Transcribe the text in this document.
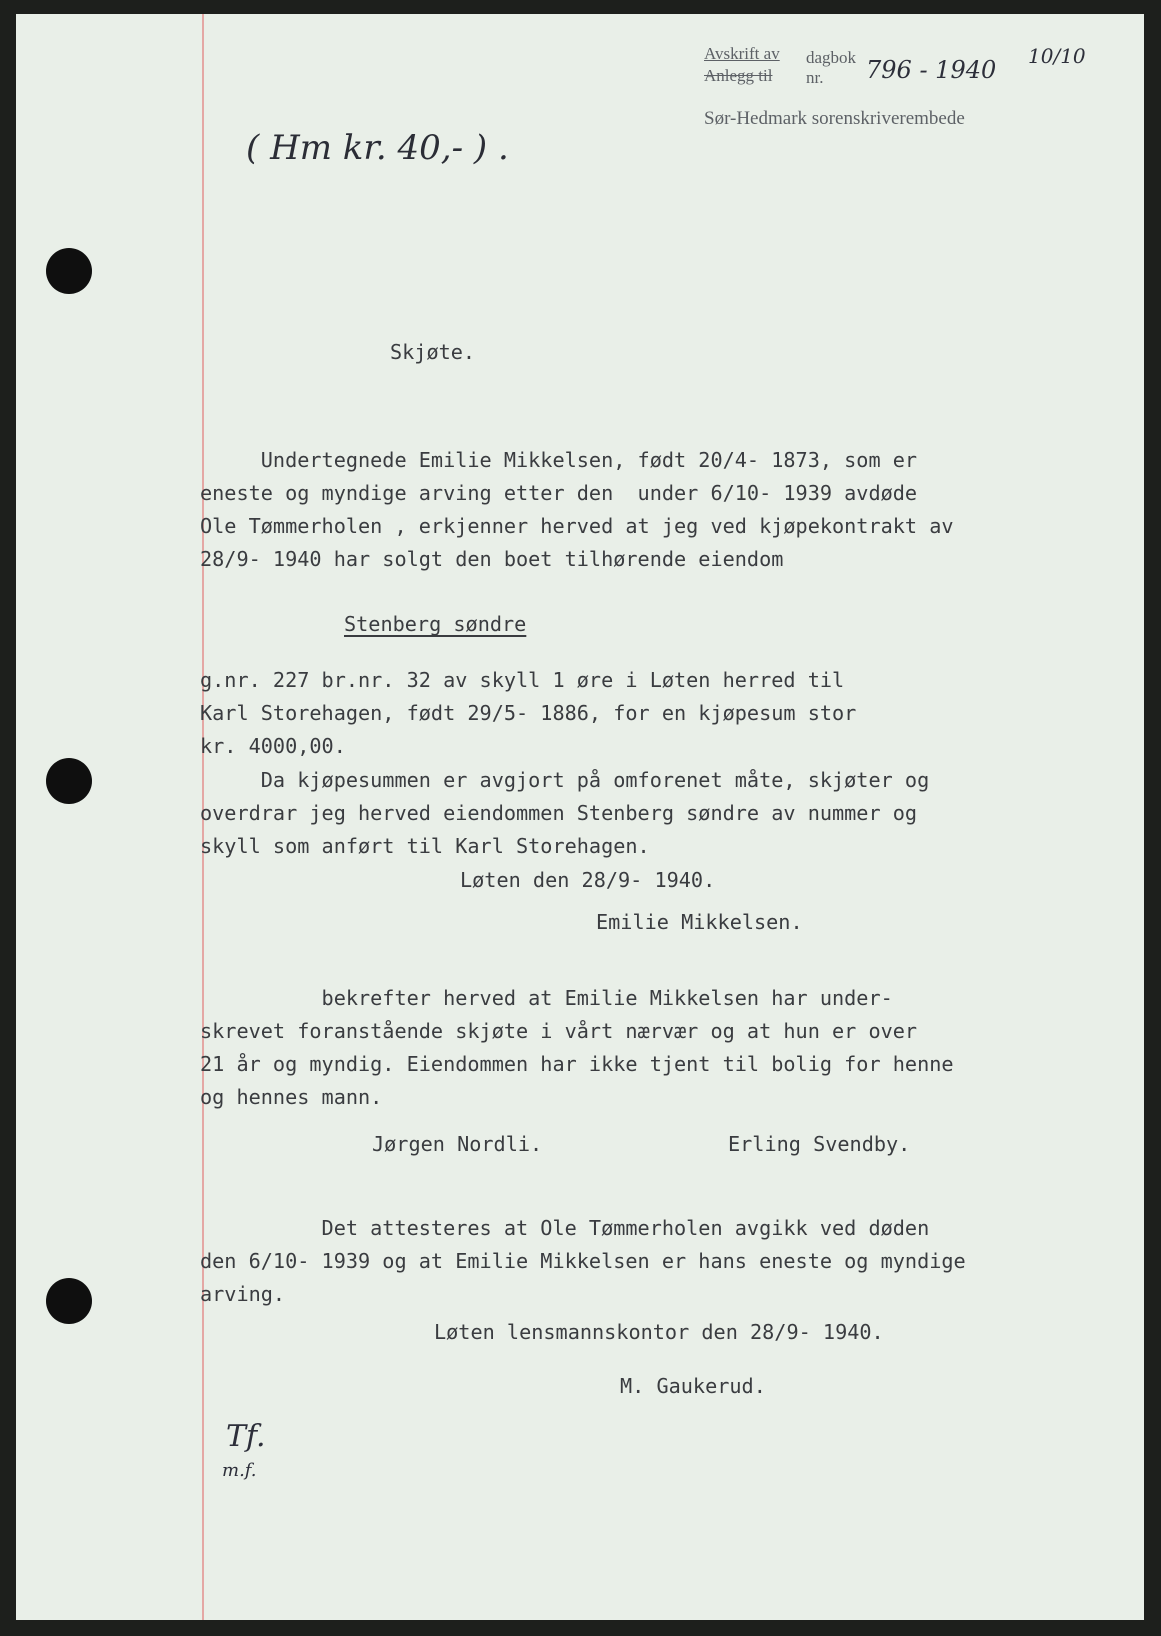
Avskrift av dagbok nr.
Anlegg til
Sør-Hedmark sorenskriverembede
796 - 1940 10/10
( Hm kr. 40,- ) .
Skjøte.
Undertegnede Emilie Mikkelsen, født 20/4- 1873, som er
eneste og myndige arving etter den  under 6/10- 1939 avdøde
Ole Tømmerholen , erkjenner herved at jeg ved kjøpekontrakt av
28/9- 1940 har solgt den boet tilhørende eiendom
Stenberg søndre
g.nr. 227 br.nr. 32 av skyll 1 øre i Løten herred til
Karl Storehagen, født 29/5- 1886, for en kjøpesum stor
kr. 4000,00.
Da kjøpesummen er avgjort på omforenet måte, skjøter og
overdrar jeg herved eiendommen Stenberg søndre av nummer og
skyll som anført til Karl Storehagen.
Løten den 28/9- 1940.
Emilie Mikkelsen.
bekrefter herved at Emilie Mikkelsen har under-
skrevet foranstående skjøte i vårt nærvær og at hun er over
21 år og myndig. Eiendommen har ikke tjent til bolig for henne
og hennes mann.
Jørgen Nordli.	Erling Svendby.
Det attesteres at Ole Tømmerholen avgikk ved døden
den 6/10- 1939 og at Emilie Mikkelsen er hans eneste og myndige
arving.
Løten lensmannskontor den 28/9- 1940.
M. Gaukerud.
Tf.
m.f.
